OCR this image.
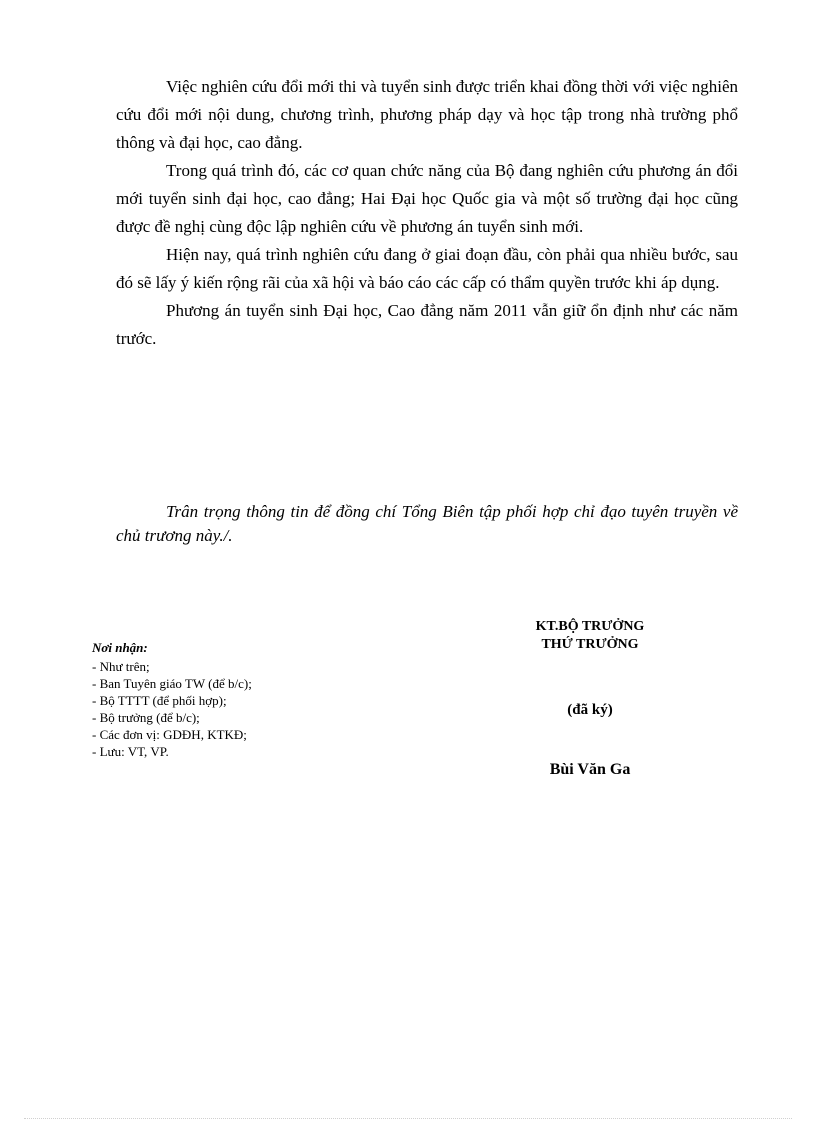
Việc nghiên cứu đổi mới thi và tuyển sinh được triển khai đồng thời với việc nghiên cứu đổi mới nội dung, chương trình, phương pháp dạy và học tập trong nhà trường phổ thông và đại học, cao đẳng.

Trong quá trình đó, các cơ quan chức năng của Bộ đang nghiên cứu phương án đổi mới tuyển sinh đại học, cao đẳng; Hai Đại học Quốc gia và một số trường đại học cũng được đề nghị cùng độc lập nghiên cứu về phương án tuyển sinh mới.

Hiện nay, quá trình nghiên cứu đang ở giai đoạn đầu, còn phải qua nhiều bước, sau đó sẽ lấy ý kiến rộng rãi của xã hội và báo cáo các cấp có thẩm quyền trước khi áp dụng.

Phương án tuyển sinh Đại học, Cao đẳng năm 2011 vẫn giữ ổn định như các năm trước.

Trân trọng thông tin để đồng chí Tổng Biên tập phối hợp chỉ đạo tuyên truyền về chủ trương này./.

Nơi nhận:

- Như trên;
- Ban Tuyên giáo TW (để b/c);
- Bộ TTTT (để phối hợp);
- Bộ trưởng (để b/c);
- Các đơn vị: GDĐH, KTKĐ;
- Lưu: VT, VP.

KT.BỘ TRƯỞNG

THỨ TRƯỞNG

(đã ký)

Bùi Văn Ga
